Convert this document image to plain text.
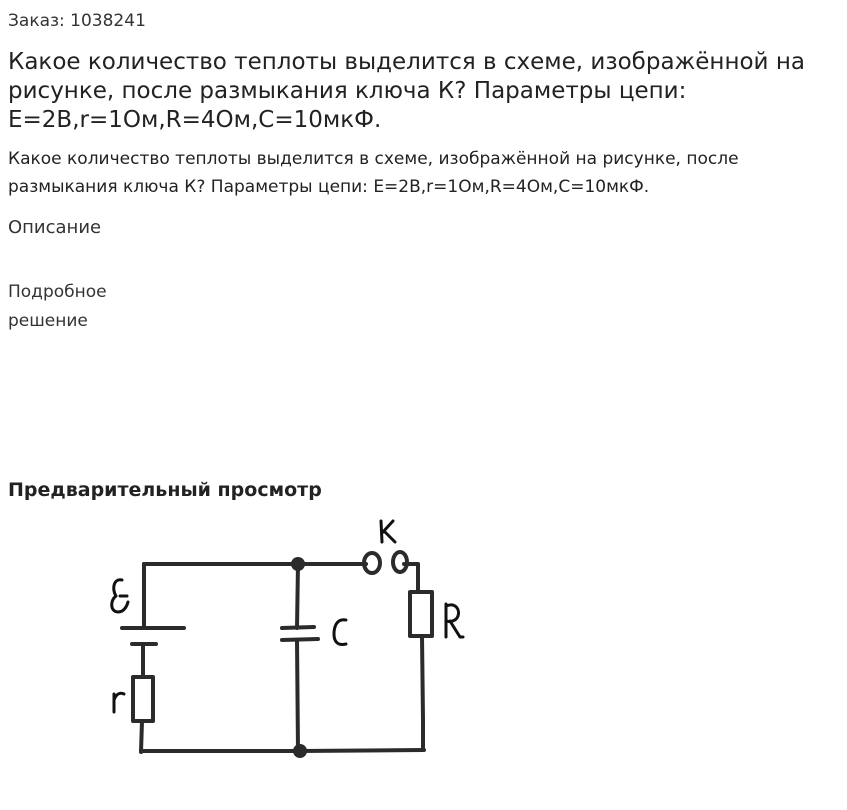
Заказ: 1038241
Какое количество теплоты выделится в схеме, изображённой на рисунке, после размыкания ключа К? Параметры цепи: E=2В,r=1Ом,R=4Ом,C=10мкФ.

Какое количество теплоты выделится в схеме, изображённой на рисунке, после размыкания ключа К? Параметры цепи: E=2В,r=1Ом,R=4Ом,C=10мкФ.

Описание
Подробное решение
Предварительный просмотр
